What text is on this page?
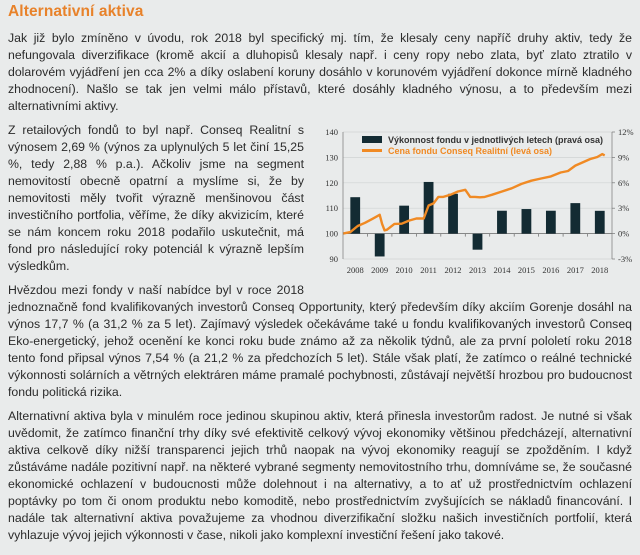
Alternativní aktiva
Jak již bylo zmíněno v úvodu, rok 2018 byl specifický mj. tím, že klesaly ceny napříč druhy aktiv, tedy že nefungovala diverzifikace (kromě akcií a dluhopisů klesaly např. i ceny ropy nebo zlata, byť zlato ztratilo v dolarovém vyjádření jen cca 2% a díky oslabení koruny dosáhlo v korunovém vyjádření dokonce mírně kladného zhodnocení). Našlo se tak jen velmi málo přístavů, které dosáhly kladného výnosu, a to především mezi alternativními aktivy.
140
130
120
110
100
90
12%
9%
6%
3%
0%
-3%
2008 2009 2010 2011 2012 2013 2014 2015 2016 2017 2018
Výkonnost fondu v jednotlivých letech (pravá osa)
Cena fondu Conseq Realitní (levá osa)
Z retailových fondů to byl např. Conseq Realitní s výnosem 2,69 % (výnos za uplynulých 5 let činí 15,25 %, tedy 2,88 % p.a.). Ačkoliv jsme na segment nemovitostí obecně opatrní a myslíme si, že by nemovitosti měly tvořit výrazně menšinovou část investičního portfolia, věříme, že díky akvizicím, které se nám koncem roku 2018 podařilo uskutečnit, má fond pro následující roky potenciál k výrazně lepším výsledkům.
Hvězdou mezi fondy v naší nabídce byl v roce 2018 jednoznačně fond kvalifikovaných investorů Conseq Opportunity, který především díky akciím Gorenje dosáhl na výnos 17,7 % (a 31,2 % za 5 let). Zajímavý výsledek očekáváme také u fondu kvalifikovaných investorů Conseq Eko-energetický, jehož ocenění ke konci roku bude známo až za několik týdnů, ale za první pololetí roku 2018 tento fond připsal výnos 7,54 % (a 21,2 % za předchozích 5 let). Stále však platí, že zatímco o reálné technické výkonnosti solárních a větrných elektráren máme pramalé pochybnosti, zůstávají největší hrozbou pro budoucnost fondu politická rizika.
Alternativní aktiva byla v minulém roce jedinou skupinou aktiv, která přinesla investorům radost. Je nutné si však uvědomit, že zatímco finanční trhy díky své efektivitě celkový vývoj ekonomiky většinou předcházejí, alternativní aktiva celkově díky nižší transparenci jejich trhů naopak na vývoj ekonomiky reagují se zpožděním. I když zůstáváme nadále pozitivní např. na některé vybrané segmenty nemovitostního trhu, domníváme se, že současné ekonomické ochlazení v budoucnosti může dolehnout i na alternativy, a to ať už prostřednictvím ochlazení poptávky po tom či onom produktu nebo komoditě, nebo prostřednictvím zvyšujících se nákladů financování. I nadále tak alternativní aktiva považujeme za vhodnou diverzifikační složku našich investičních portfolií, která vyhlazuje vývoj jejich výkonnosti v čase, nikoli jako komplexní investiční řešení jako takové.
